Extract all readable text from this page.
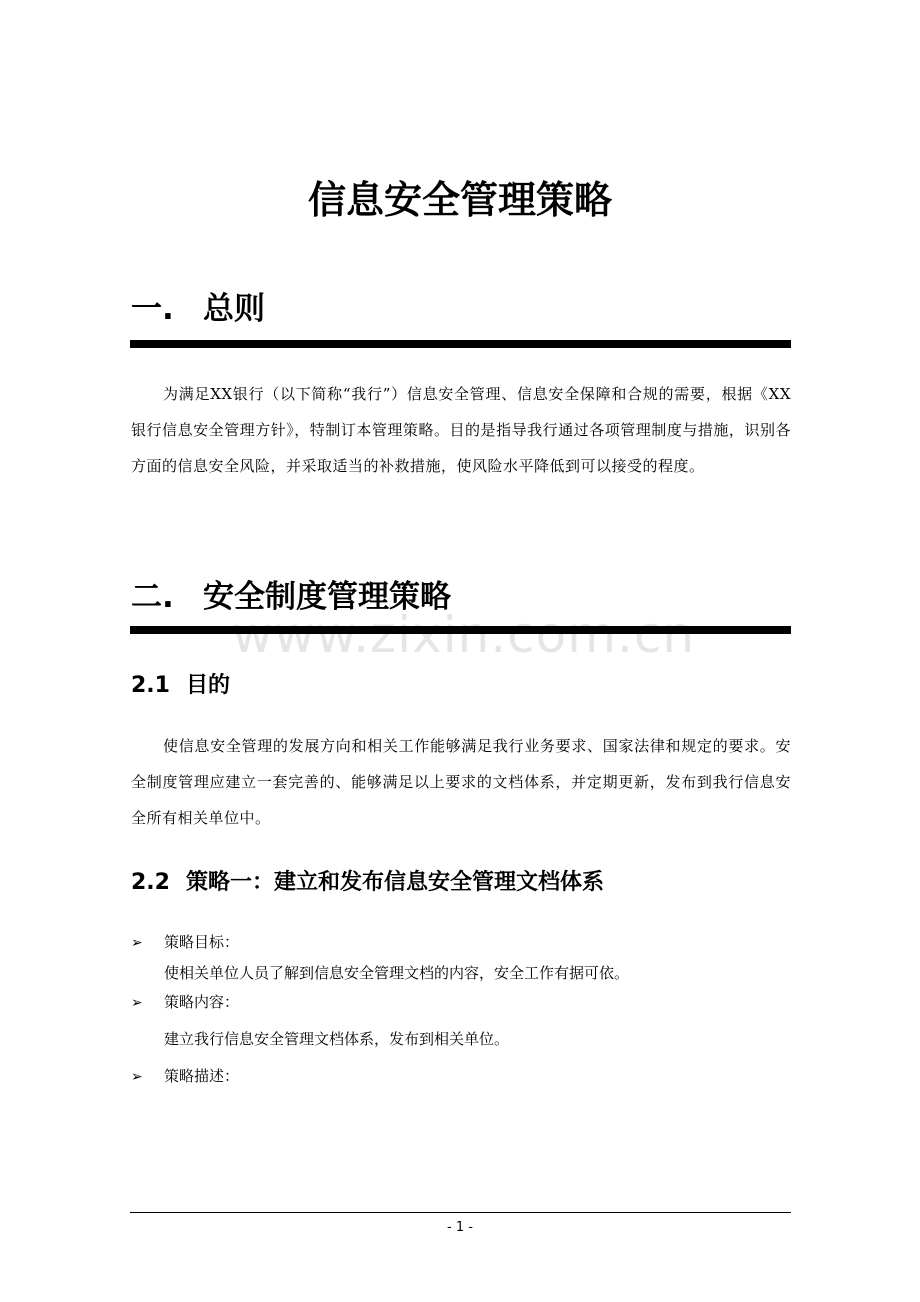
信息安全管理策略
一. 总则

为满足XX银行（以下简称“我行”）信息安全管理、信息安全保障和合规的需要，根据《XX银行信息安全管理方针》，特制订本管理策略。目的是指导我行通过各项管理制度与措施，识别各方面的信息安全风险，并采取适当的补救措施，使风险水平降低到可以接受的程度。

二. 安全制度管理策略
2.1 目的

使信息安全管理的发展方向和相关工作能够满足我行业务要求、国家法律和规定的要求。安全制度管理应建立一套完善的、能够满足以上要求的文档体系，并定期更新，发布到我行信息安全所有相关单位中。

2.2 策略一：建立和发布信息安全管理文档体系
➢ 策略目标：

使相关单位人员了解到信息安全管理文档的内容，安全工作有据可依。

➢ 策略内容：

建立我行信息安全管理文档体系，发布到相关单位。

➢ 策略描述：
www.zixin.com.cn
- 1 -
